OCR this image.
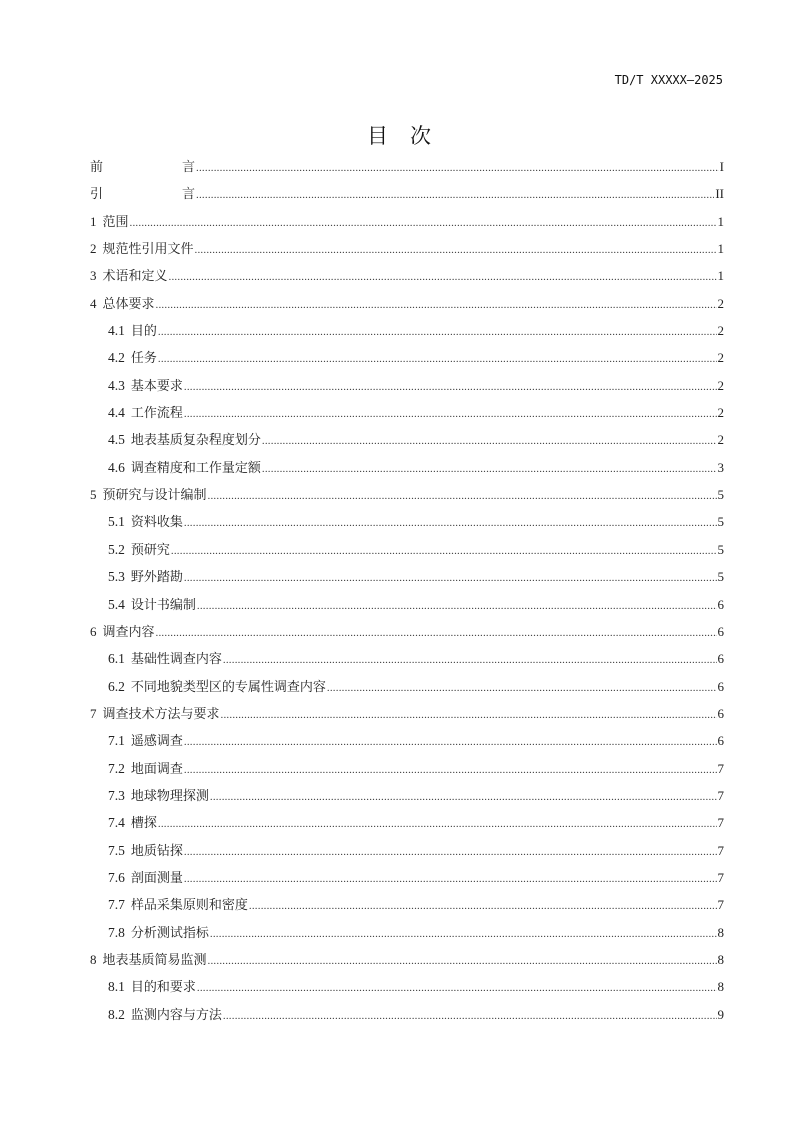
TD/T XXXXX—2025
目 次
前	言 .....	I
引	言 .....	II
1 范围 .....	1
2 规范性引用文件 .....	1
3 术语和定义 .....	1
4 总体要求 .....	2
4.1 目的 .....	2
4.2 任务 .....	2
4.3 基本要求 .....	2
4.4 工作流程 .....	2
4.5 地表基质复杂程度划分 .....	2
4.6 调查精度和工作量定额 .....	3
5 预研究与设计编制 .....	5
5.1 资料收集 .....	5
5.2 预研究 .....	5
5.3 野外踏勘 .....	5
5.4 设计书编制 .....	6
6 调查内容 .....	6
6.1 基础性调查内容 .....	6
6.2 不同地貌类型区的专属性调查内容 .....	6
7 调查技术方法与要求 .....	6
7.1 遥感调查 .....	6
7.2 地面调查 .....	7
7.3 地球物理探测 .....	7
7.4 槽探 .....	7
7.5 地质钻探 .....	7
7.6 剖面测量 .....	7
7.7 样品采集原则和密度 .....	7
7.8 分析测试指标 .....	8
8 地表基质简易监测 .....	8
8.1 目的和要求 .....	8
8.2 监测内容与方法 .....	9
